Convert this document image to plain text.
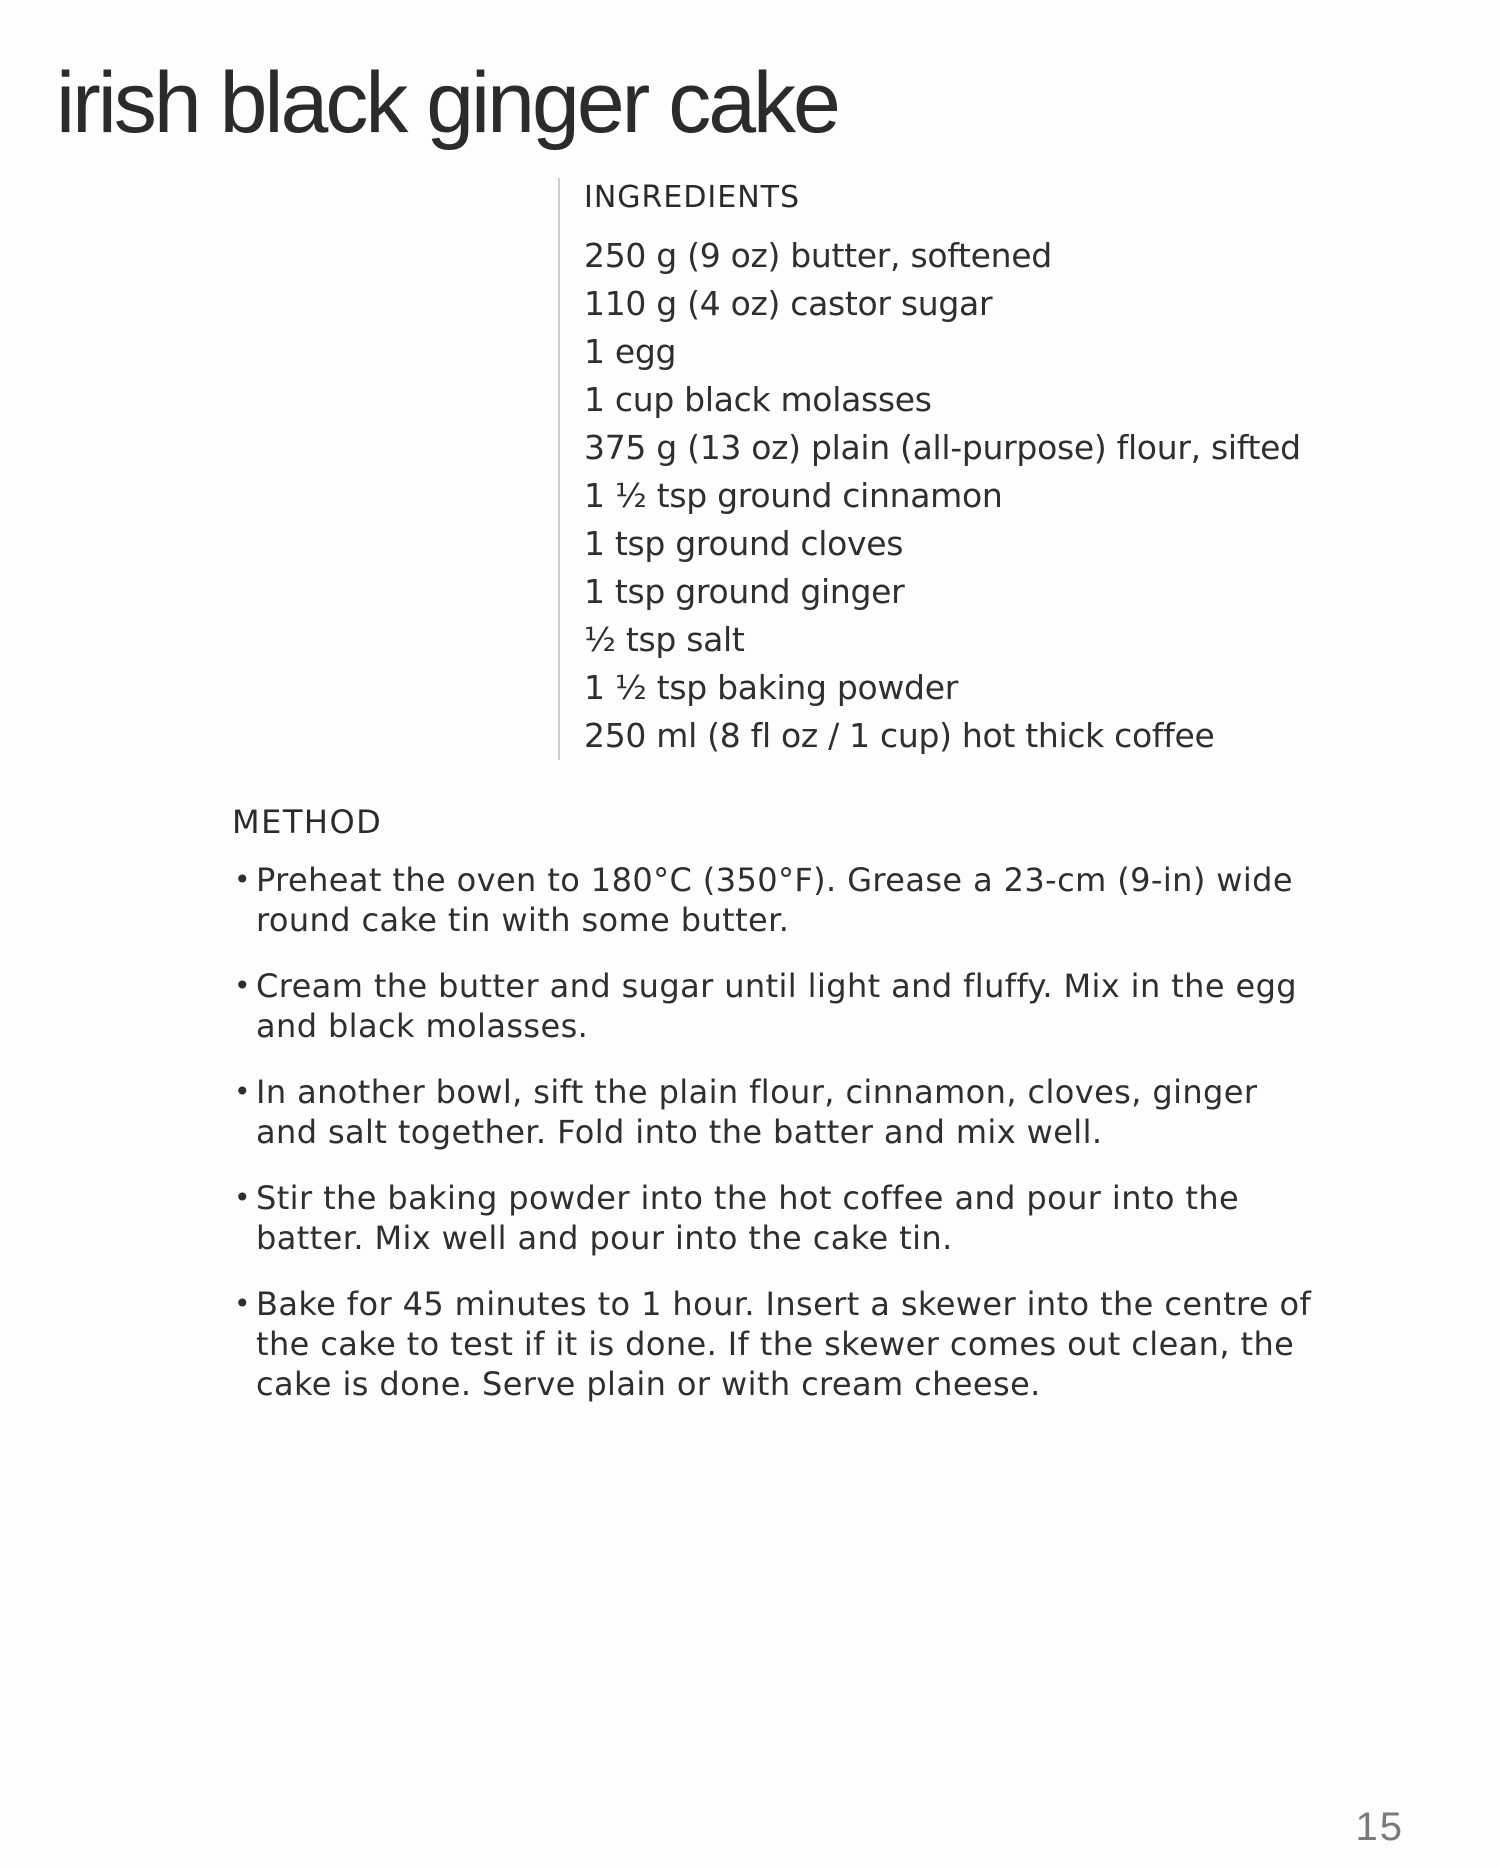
irish black ginger cake
INGREDIENTS
250 g (9 oz) butter, softened
110 g (4 oz) castor sugar
1 egg
1 cup black molasses
375 g (13 oz) plain (all-purpose) flour, sifted
1 ½ tsp ground cinnamon
1 tsp ground cloves
1 tsp ground ginger
½ tsp salt
1 ½ tsp baking powder
250 ml (8 fl oz / 1 cup) hot thick coffee
METHOD
• Preheat the oven to 180°C (350°F). Grease a 23-cm (9-in) wide round cake tin with some butter.
• Cream the butter and sugar until light and fluffy. Mix in the egg and black molasses.
• In another bowl, sift the plain flour, cinnamon, cloves, ginger and salt together. Fold into the batter and mix well.
• Stir the baking powder into the hot coffee and pour into the batter. Mix well and pour into the cake tin.
• Bake for 45 minutes to 1 hour. Insert a skewer into the centre of the cake to test if it is done. If the skewer comes out clean, the cake is done. Serve plain or with cream cheese.
15
